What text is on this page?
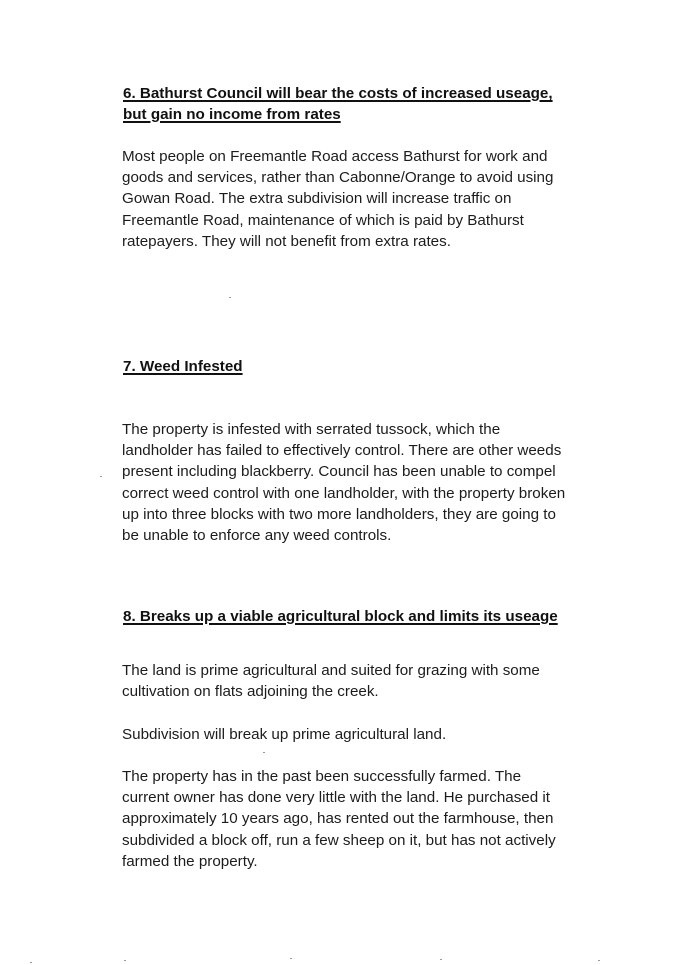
6. Bathurst Council will bear the costs of increased useage,
but gain no income from rates

Most people on Freemantle Road access Bathurst for work and
goods and services, rather than Cabonne/Orange to avoid using
Gowan Road. The extra subdivision will increase traffic on
Freemantle Road, maintenance of which is paid by Bathurst
ratepayers. They will not benefit from extra rates.

7. Weed Infested

The property is infested with serrated tussock, which the
landholder has failed to effectively control. There are other weeds
present including blackberry. Council has been unable to compel
correct weed control with one landholder, with the property broken
up into three blocks with two more landholders, they are going to
be unable to enforce any weed controls.

8. Breaks up a viable agricultural block and limits its useage

The land is prime agricultural and suited for grazing with some
cultivation on flats adjoining the creek.

Subdivision will break up prime agricultural land.

The property has in the past been successfully farmed. The
current owner has done very little with the land. He purchased it
approximately 10 years ago, has rented out the farmhouse, then
subdivided a block off, run a few sheep on it, but has not actively
farmed the property.
